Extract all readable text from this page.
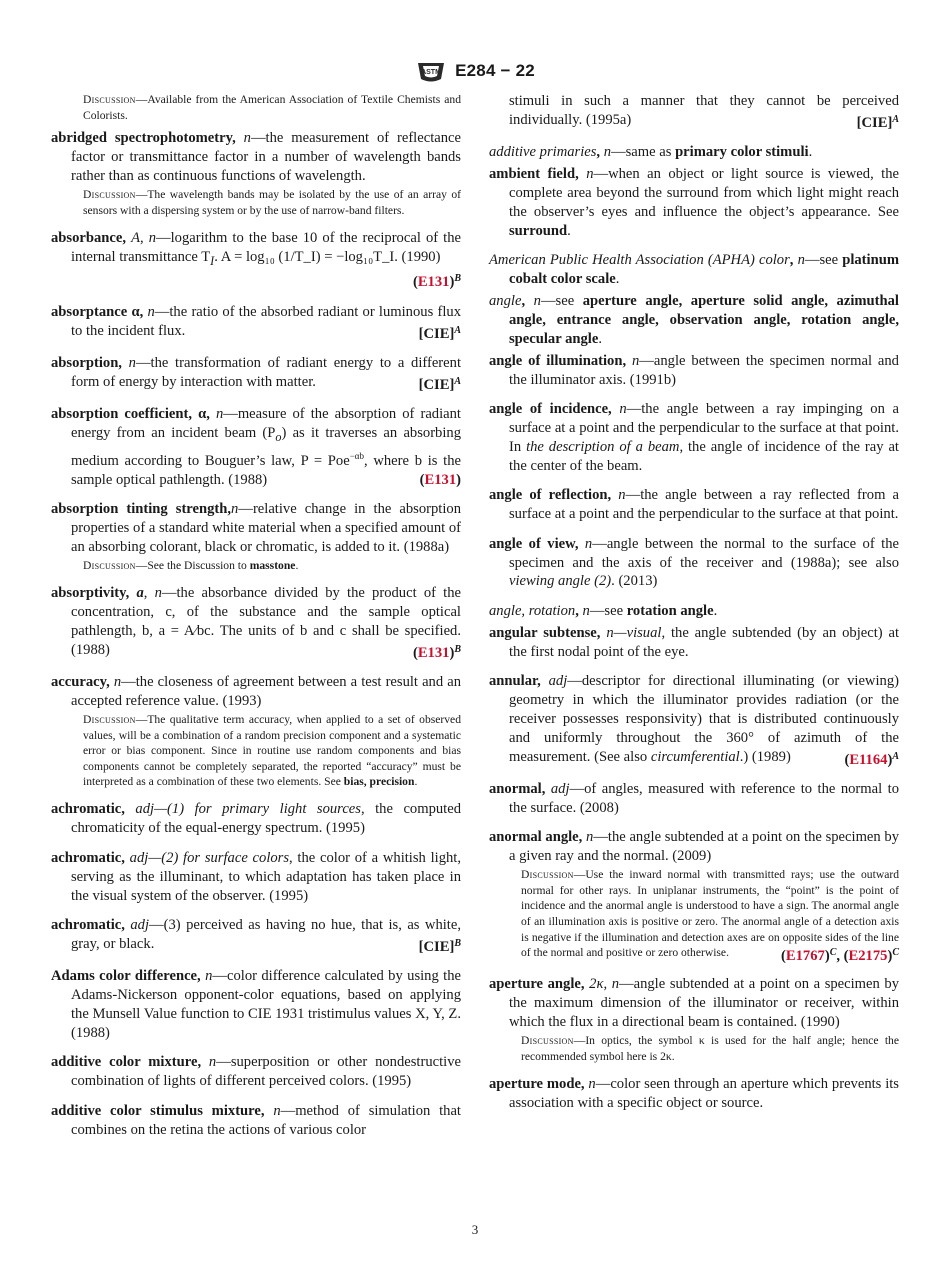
ASTM E284 − 22
Discussion—Available from the American Association of Textile Chemists and Colorists.
abridged spectrophotometry, n—the measurement of reflectance factor or transmittance factor in a number of wavelength bands rather than as continuous functions of wavelength.
Discussion—The wavelength bands may be isolated by the use of an array of sensors with a dispersing system or by the use of narrow-band filters.
absorbance, A, n—logarithm to the base 10 of the reciprocal of the internal transmittance $T_I$. A = log₁₀ (1/T_I) = −log₁₀T_I. (1990)
$(E131)^B$
absorptance α, n—the ratio of the absorbed radiant or luminous flux to the incident flux.	[CIE]$^A$
absorption, n—the transformation of radiant energy to a different form of energy by interaction with matter.	[CIE]$^A$
absorption coefficient, α, n—measure of the absorption of radiant energy from an incident beam $(P_o)$ as it traverses an absorbing medium according to Bouguer’s law, P = Poe$^{-\alpha b}$, where b is the sample optical pathlength. (1988)	(E131)
absorption tinting strength,n—relative change in the absorption properties of a standard white material when a specified amount of an absorbing colorant, black or chromatic, is added to it. (1988a)
Discussion—See the Discussion to masstone.
absorptivity, a, n—the absorbance divided by the product of the concentration, c, of the substance and the sample optical pathlength, b, a = A⁄bc. The units of b and c shall be specified. (1988)	$(E131)^B$
accuracy, n—the closeness of agreement between a test result and an accepted reference value. (1993)
Discussion—The qualitative term accuracy, when applied to a set of observed values, will be a combination of a random precision component and a systematic error or bias component. Since in routine use random components and bias components cannot be completely separated, the reported “accuracy” must be interpreted as a combination of these two elements. See bias, precision.
achromatic, adj—(1) for primary light sources, the computed chromaticity of the equal-energy spectrum. (1995)
achromatic, adj—(2) for surface colors, the color of a whitish light, serving as the illuminant, to which adaptation has taken place in the visual system of the observer. (1995)
achromatic, adj—(3) perceived as having no hue, that is, as white, gray, or black.	[CIE]$^B$
Adams color difference, n—color difference calculated by using the Adams-Nickerson opponent-color equations, based on applying the Munsell Value function to CIE 1931 tristimulus values X, Y, Z. (1988)
additive color mixture, n—superposition or other nondestructive combination of lights of different perceived colors. (1995)
additive color stimulus mixture, n—method of simulation that combines on the retina the actions of various color
stimuli in such a manner that they cannot be perceived individually. (1995a)	[CIE]$^A$
additive primaries, n—same as primary color stimuli.
ambient field, n—when an object or light source is viewed, the complete area beyond the surround from which light might reach the observer’s eyes and influence the object’s appearance. See surround.
American Public Health Association (APHA) color, n—see platinum cobalt color scale.
angle, n—see aperture angle, aperture solid angle, azimuthal angle, entrance angle, observation angle, rotation angle, specular angle.
angle of illumination, n—angle between the specimen normal and the illuminator axis. (1991b)
angle of incidence, n—the angle between a ray impinging on a surface at a point and the perpendicular to the surface at that point. In the description of a beam, the angle of incidence of the ray at the center of the beam.
angle of reflection, n—the angle between a ray reflected from a surface at a point and the perpendicular to the surface at that point.
angle of view, n—angle between the normal to the surface of the specimen and the axis of the receiver and (1988a); see also viewing angle (2). (2013)
angle, rotation, n—see rotation angle.
angular subtense, n—visual, the angle subtended (by an object) at the first nodal point of the eye.
annular, adj—descriptor for directional illuminating (or viewing) geometry in which the illuminator provides radiation (or the receiver possesses responsivity) that is distributed continuously and uniformly throughout the 360° of azimuth of the measurement. (See also circumferential.) (1989)	$(E1164)^A$
anormal, adj—of angles, measured with reference to the normal to the surface. (2008)
anormal angle, n—the angle subtended at a point on the specimen by a given ray and the normal. (2009)
Discussion—Use the inward normal with transmitted rays; use the outward normal for other rays. In uniplanar instruments, the “point” is the point of incidence and the anormal angle is understood to have a sign. The anormal angle of an illumination axis is positive or zero. The anormal angle of a detection axis is negative if the illumination and detection axes are on opposite sides of the line of the normal and positive or zero otherwise.	$(E1767)^C$, $(E2175)^C$
aperture angle, 2κ, n—angle subtended at a point on a specimen by the maximum dimension of the illuminator or receiver, within which the flux in a directional beam is contained. (1990)
Discussion—In optics, the symbol κ is used for the half angle; hence the recommended symbol here is 2κ.
aperture mode, n—color seen through an aperture which prevents its association with a specific object or source.
3
